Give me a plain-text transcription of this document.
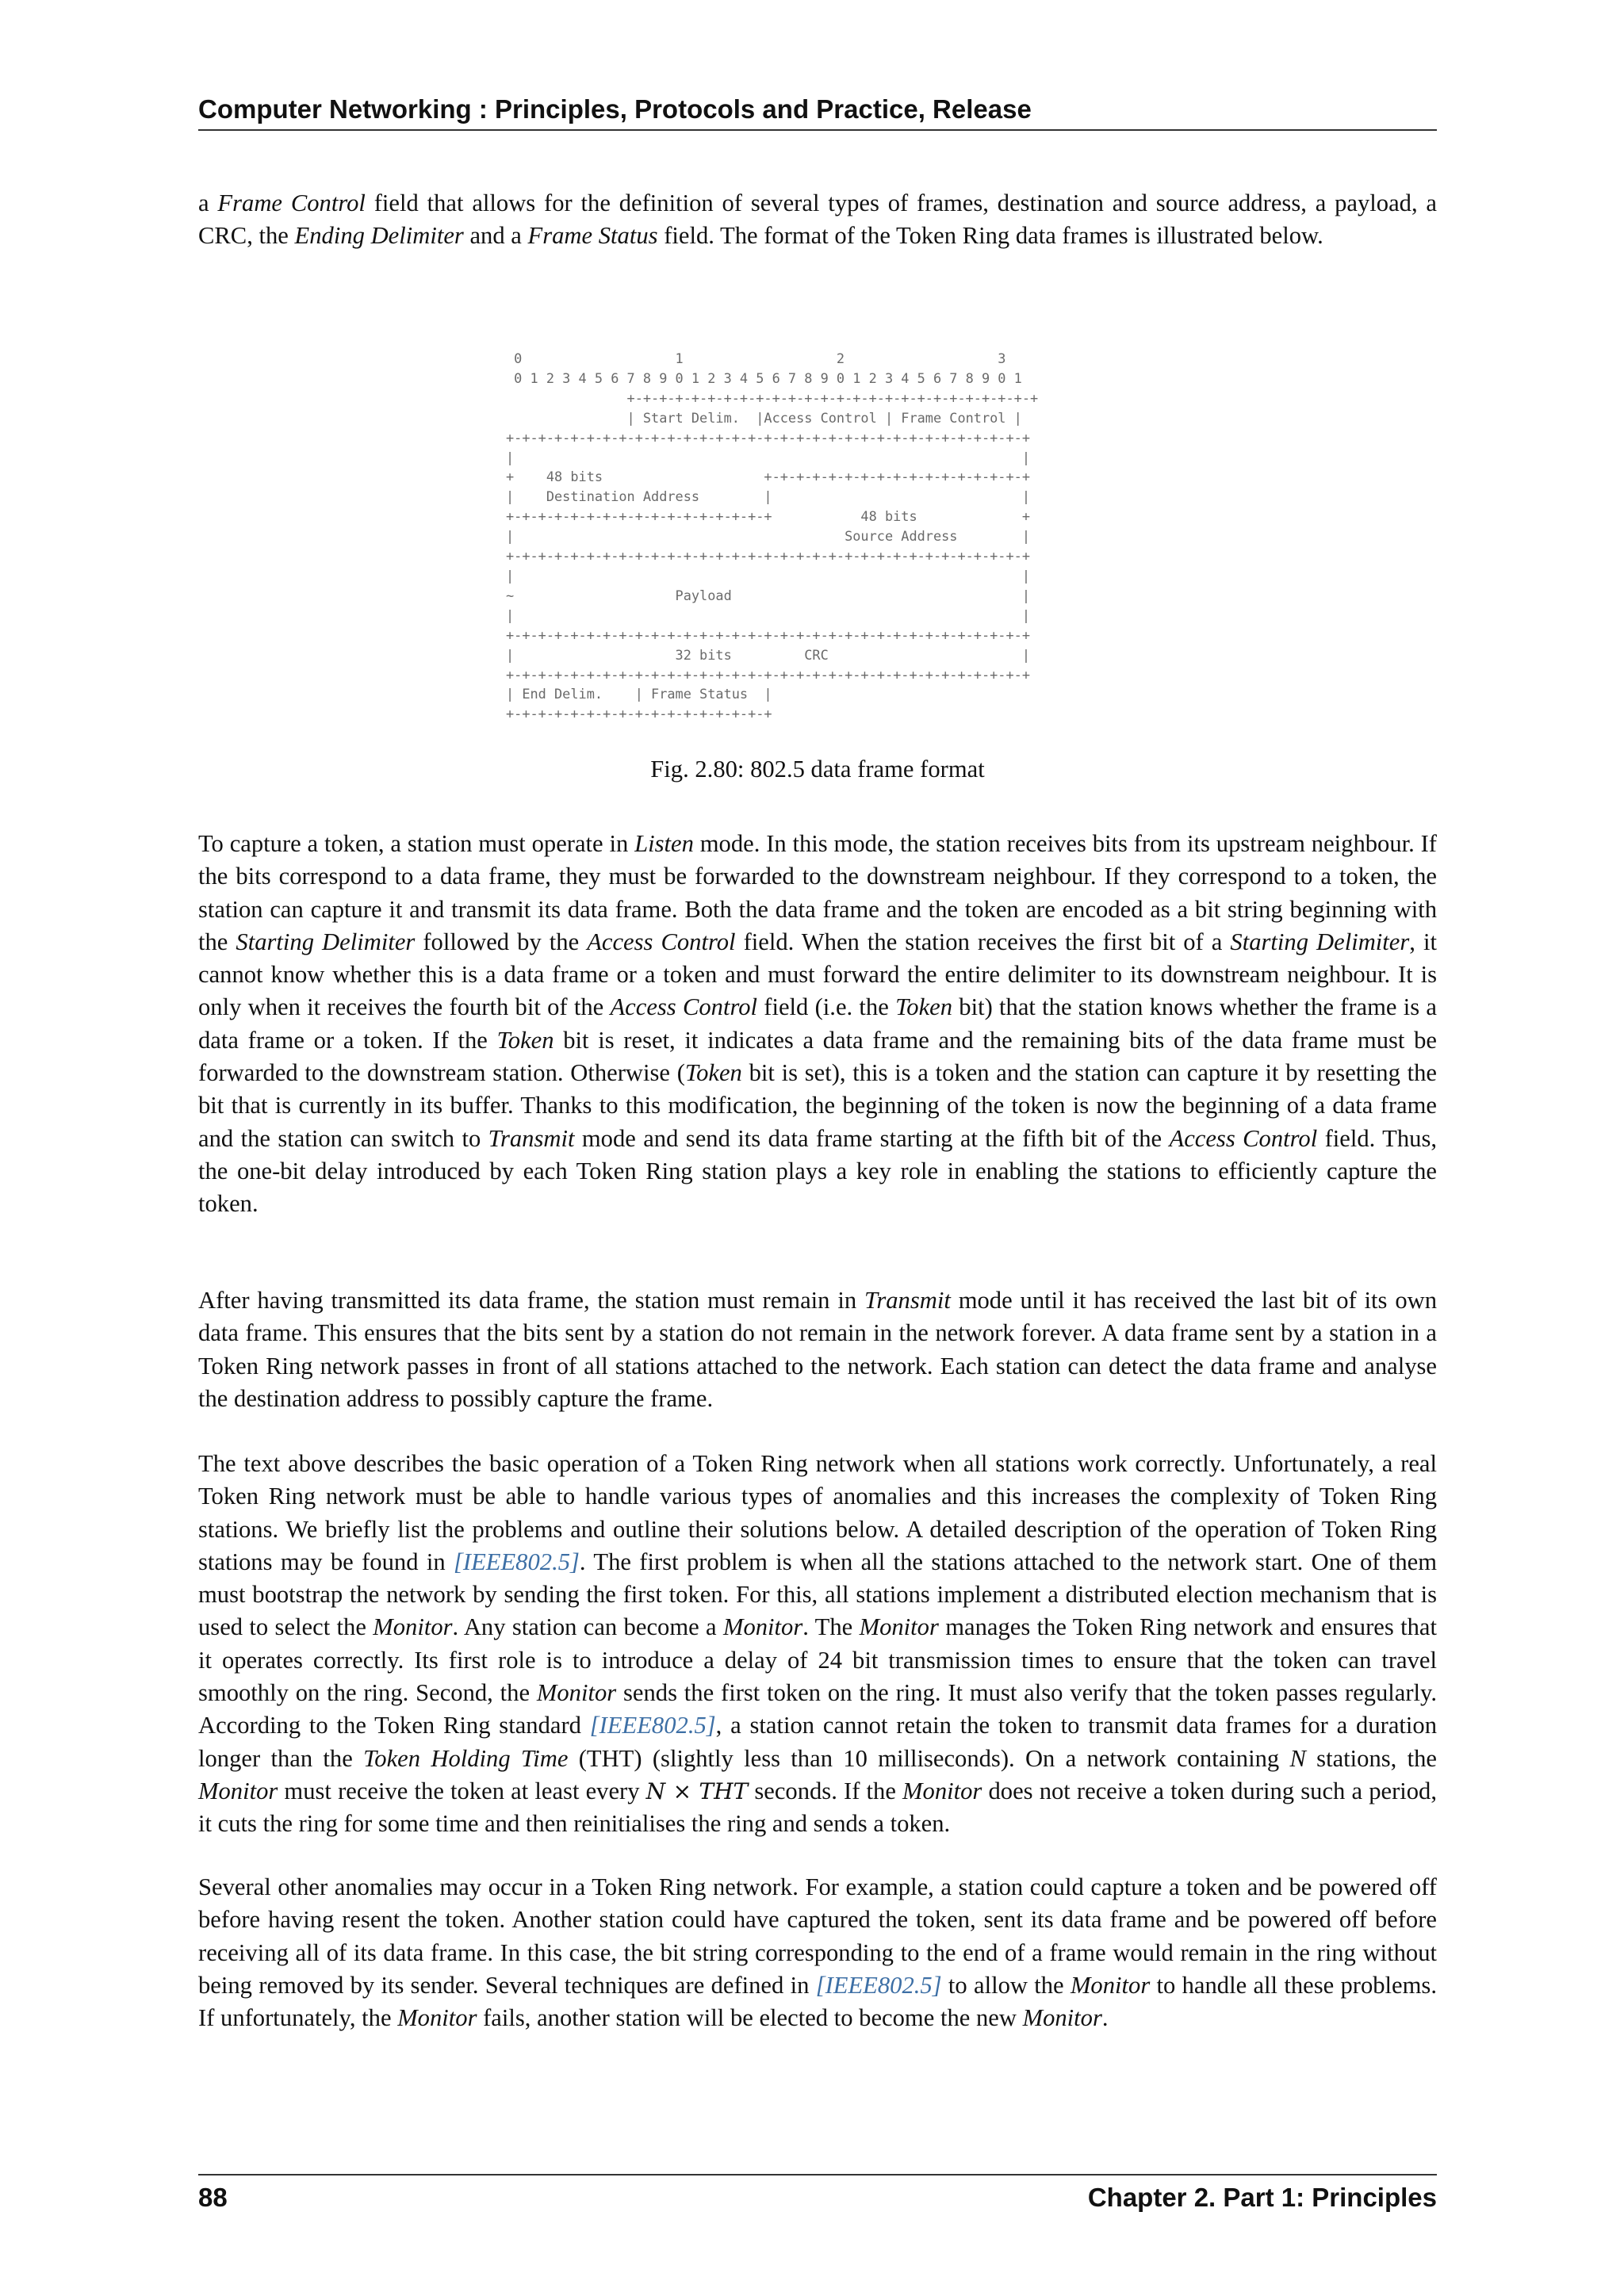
Computer Networking : Principles, Protocols and Practice, Release

a Frame Control field that allows for the definition of several types of frames, destination and source address, a payload, a CRC, the Ending Delimiter and a Frame Status field. The format of the Token Ring data frames is illustrated below.

0                   1                   2                   3
0 1 2 3 4 5 6 7 8 9 0 1 2 3 4 5 6 7 8 9 0 1 2 3 4 5 6 7 8 9 0 1
+-+-+-+-+-+-+-+-+-+-+-+-+-+-+-+-+-+-+-+-+-+-+-+-+-+
| Start Delim.  |Access Control | Frame Control |
+-+-+-+-+-+-+-+-+-+-+-+-+-+-+-+-+-+-+-+-+-+-+-+-+-+-+-+-+-+-+-+-+
|                                                               |
+    48 bits                    +-+-+-+-+-+-+-+-+-+-+-+-+-+-+-+-+
|    Destination Address        |                               |
+-+-+-+-+-+-+-+-+-+-+-+-+-+-+-+-+           48 bits             +
|                                         Source Address        |
+-+-+-+-+-+-+-+-+-+-+-+-+-+-+-+-+-+-+-+-+-+-+-+-+-+-+-+-+-+-+-+-+
|                                                               |
~                    Payload                                    |
|                                                               |
+-+-+-+-+-+-+-+-+-+-+-+-+-+-+-+-+-+-+-+-+-+-+-+-+-+-+-+-+-+-+-+-+
|                    32 bits         CRC                        |
+-+-+-+-+-+-+-+-+-+-+-+-+-+-+-+-+-+-+-+-+-+-+-+-+-+-+-+-+-+-+-+-+
| End Delim.    | Frame Status  |
+-+-+-+-+-+-+-+-+-+-+-+-+-+-+-+-+
Fig. 2.80: 802.5 data frame format

To capture a token, a station must operate in Listen mode. In this mode, the station receives bits from its upstream neighbour. If the bits correspond to a data frame, they must be forwarded to the downstream neighbour. If they correspond to a token, the station can capture it and transmit its data frame. Both the data frame and the token are encoded as a bit string beginning with the Starting Delimiter followed by the Access Control field. When the station receives the first bit of a Starting Delimiter, it cannot know whether this is a data frame or a token and must forward the entire delimiter to its downstream neighbour. It is only when it receives the fourth bit of the Access Control field (i.e. the Token bit) that the station knows whether the frame is a data frame or a token. If the Token bit is reset, it indicates a data frame and the remaining bits of the data frame must be forwarded to the downstream station. Otherwise (Token bit is set), this is a token and the station can capture it by resetting the bit that is currently in its buffer. Thanks to this modification, the beginning of the token is now the beginning of a data frame and the station can switch to Transmit mode and send its data frame starting at the fifth bit of the Access Control field. Thus, the one-bit delay introduced by each Token Ring station plays a key role in enabling the stations to efficiently capture the token.

After having transmitted its data frame, the station must remain in Transmit mode until it has received the last bit of its own data frame. This ensures that the bits sent by a station do not remain in the network forever. A data frame sent by a station in a Token Ring network passes in front of all stations attached to the network. Each station can detect the data frame and analyse the destination address to possibly capture the frame.

The text above describes the basic operation of a Token Ring network when all stations work correctly. Unfortunately, a real Token Ring network must be able to handle various types of anomalies and this increases the complexity of Token Ring stations. We briefly list the problems and outline their solutions below. A detailed description of the operation of Token Ring stations may be found in [IEEE802.5]. The first problem is when all the stations attached to the network start. One of them must bootstrap the network by sending the first token. For this, all stations implement a distributed election mechanism that is used to select the Monitor. Any station can become a Monitor. The Monitor manages the Token Ring network and ensures that it operates correctly. Its first role is to introduce a delay of 24 bit transmission times to ensure that the token can travel smoothly on the ring. Second, the Monitor sends the first token on the ring. It must also verify that the token passes regularly. According to the Token Ring standard [IEEE802.5], a station cannot retain the token to transmit data frames for a duration longer than the Token Holding Time (THT) (slightly less than 10 milliseconds). On a network containing N stations, the Monitor must receive the token at least every N × THT seconds. If the Monitor does not receive a token during such a period, it cuts the ring for some time and then reinitialises the ring and sends a token.

Several other anomalies may occur in a Token Ring network. For example, a station could capture a token and be powered off before having resent the token. Another station could have captured the token, sent its data frame and be powered off before receiving all of its data frame. In this case, the bit string corresponding to the end of a frame would remain in the ring without being removed by its sender. Several techniques are defined in [IEEE802.5] to allow the Monitor to handle all these problems. If unfortunately, the Monitor fails, another station will be elected to become the new Monitor.

88	Chapter 2. Part 1: Principles
